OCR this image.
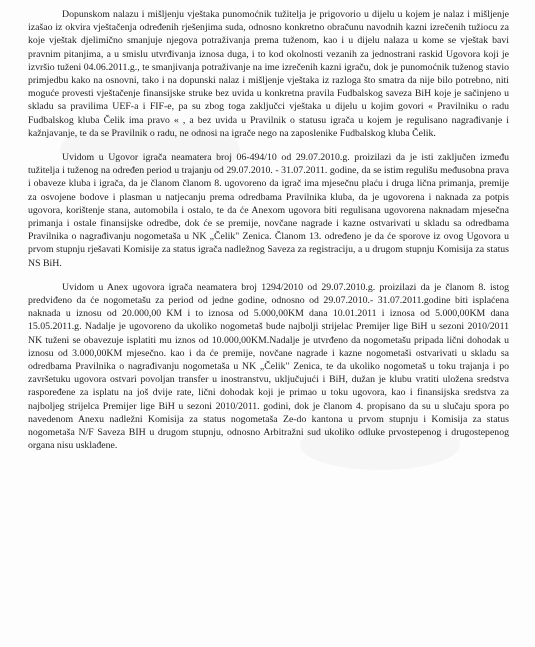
Dopunskom nalazu i mišljenju vještaka punomoćnik tužitelja je prigovorio u dijelu u kojem je nalaz i mišljenje izašao iz okvira vještačenja određenih rješenjima suda, odnosno konkretno obračunu navodnih kazni izrečenih tužiocu za koje vještak djelimično smanjuje njegova potraživanja prema tuženom, kao i u dijelu nalaza u kome se vještak bavi pravnim pitanjima, a u smislu utvrđivanja iznosa duga, i to kod okolnosti vezanih za jednostrani raskid Ugovora koji je izvršio tuženi 04.06.2011.g., te smanjivanja potraživanje na ime izrečenih kazni igraču, dok je punomoćnik tuženog stavio primjedbu kako na osnovni, tako i na dopunski nalaz i mišljenje vještaka iz razloga što smatra da nije bilo potrebno, niti moguće provesti vještačenje finansijske struke bez uvida u konkretna pravila Fudbalskog saveza BiH koje je sačinjeno u skladu sa pravilima UEF-a i FIF-e, pa su zbog toga zaključci vještaka u dijelu u kojim govori « Pravilniku o radu Fudbalskog kluba Čelik ima pravo « , a bez uvida u Pravilnik o statusu igrača u kojem je regulisano nagrađivanje i kažnjavanje, te da se Pravilnik o radu, ne odnosi na igrače nego na zaposlenike Fudbalskog kluba Čelik.

Uvidom u Ugovor igrača neamatera broj 06-494/10 od 29.07.2010.g. proizilazi da je isti zaključen između tužitelja i tuženog na određen period u trajanju od 29.07.2010. - 31.07.2011. godine, da se istim regulišu međusobna prava i obaveze kluba i igrača, da je članom članom 8. ugovoreno da igrač ima mjesečnu plaću i druga lična primanja, premije za osvojene bodove i plasman u natjecanju prema odredbama Pravilnika kluba, da je ugovorena i naknada za potpis ugovora, korištenje stana, automobila i ostalo, te da će Anexom ugovora biti regulisana ugovorena naknadam mjesečna primanja i ostale finansijske odredbe, dok će se premije, novčane nagrade i kazne ostvarivati u skladu sa odredbama Pravilnika o nagrađivanju nogometaša u NK „Čelik" Zenica. Članom 13. određeno je da će sporove iz ovog Ugovora u prvom stupnju rješavati Komisije za status igrača nadležnog Saveza za registraciju, a u drugom stupnju Komisija za status NS BiH.

Uvidom u Anex ugovora igrača neamatera broj 1294/2010 od 29.07.2010.g. proizilazi da je članom 8. istog predviđeno da će nogometašu za period od jedne godine, odnosno od 29.07.2010.- 31.07.2011.godine biti isplaćena naknada u iznosu od 20.000,00 KM i to iznosa od 5.000,00KM dana 10.01.2011 i iznosa od 5.000,00KM dana 15.05.2011.g. Nadalje je ugovoreno da ukoliko nogometaš bude najbolji strijelac Premijer lige BiH u sezoni 2010/2011 NK tuženi se obavezuje isplatiti mu iznos od 10.000,00KM.Nadalje je utvrđeno da nogometašu pripada lični dohodak u iznosu od 3.000,00KM mjesečno. kao i da će premije, novčane nagrade i kazne nogometaši ostvarivati u skladu sa odredbama Pravilnika o nagrađivanju nogometaša u NK „Čelik" Zenica, te da ukoliko nogometaš u toku trajanja i po završetuku ugovora ostvari povoljan transfer u inostranstvu, uključujući i BiH, dužan je klubu vratiti uložena sredstva raspoređene za isplatu na još dvije rate, lični dohodak koji je primao u toku ugovora, kao i finansijska sredstva za najboljeg strijelca Premijer lige BiH u sezoni 2010/2011. godini, dok je članom 4. propisano da su u slučaju spora po navedenom Anexu nadležni Komisija za status nogometaša Ze-do kantona u prvom stupnju i Komisija za status nogometaša N/F Saveza BIH u drugom stupnju, odnosno Arbitražni sud ukoliko odluke prvostepenog i drugostepenog organa nisu usklađene.
